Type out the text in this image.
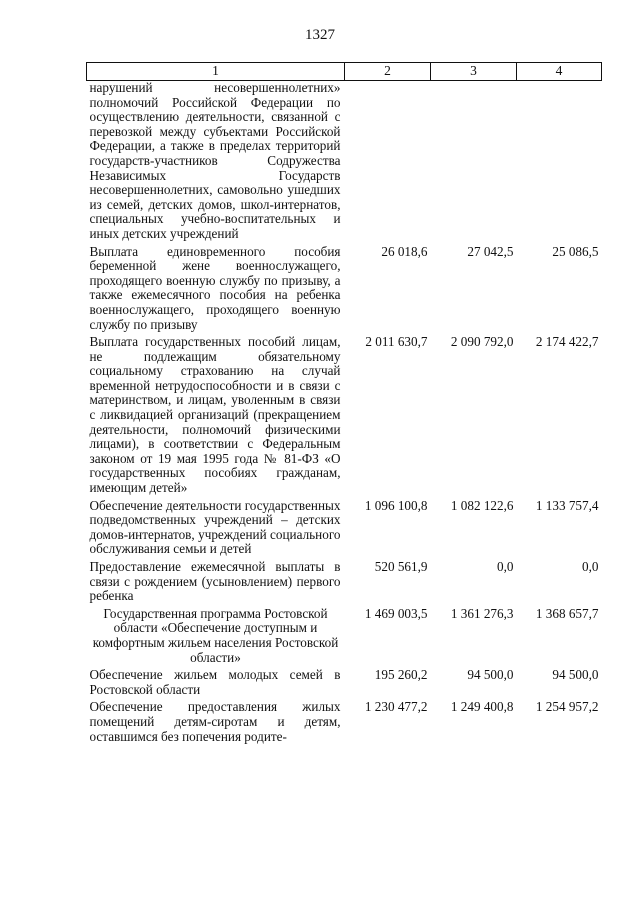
1327
1	2	3	4
нарушений несовершеннолетних» полномочий Российской Федерации по осуществлению деятельности, связанной с перевозкой между субъектами Российской Федерации, а также в пределах территорий государств-участников Содружества Независимых Государств несовершеннолетних, самовольно ушедших из семей, детских домов, школ-интернатов, специальных учебно-воспитательных и иных детских учреждений			
Выплата единовременного пособия беременной жене военнослужащего, проходящего военную службу по призыву, а также ежемесячного пособия на ребенка военнослужащего, проходящего военную службу по призыву	26 018,6	27 042,5	25 086,5
Выплата государственных пособий лицам, не подлежащим обязательному социальному страхованию на случай временной нетрудоспособности и в связи с материнством, и лицам, уволенным в связи с ликвидацией организаций (прекращением деятельности, полномочий физическими лицами), в соответствии с Федеральным законом от 19 мая 1995 года № 81-ФЗ «О государственных пособиях гражданам, имеющим детей»	2 011 630,7	2 090 792,0	2 174 422,7
Обеспечение деятельности государственных подведомственных учреждений – детских домов-интернатов, учреждений социального обслуживания семьи и детей	1 096 100,8	1 082 122,6	1 133 757,4
Предоставление ежемесячной выплаты в связи с рождением (усыновлением) первого ребенка	520 561,9	0,0	0,0
Государственная программа Ростовской области «Обеспечение доступным и комфортным жильем населения Ростовской области»	1 469 003,5	1 361 276,3	1 368 657,7
Обеспечение жильем молодых семей в Ростовской области	195 260,2	94 500,0	94 500,0
Обеспечение предоставления жилых помещений детям-сиротам и детям, оставшимся без попечения родите-	1 230 477,2	1 249 400,8	1 254 957,2
